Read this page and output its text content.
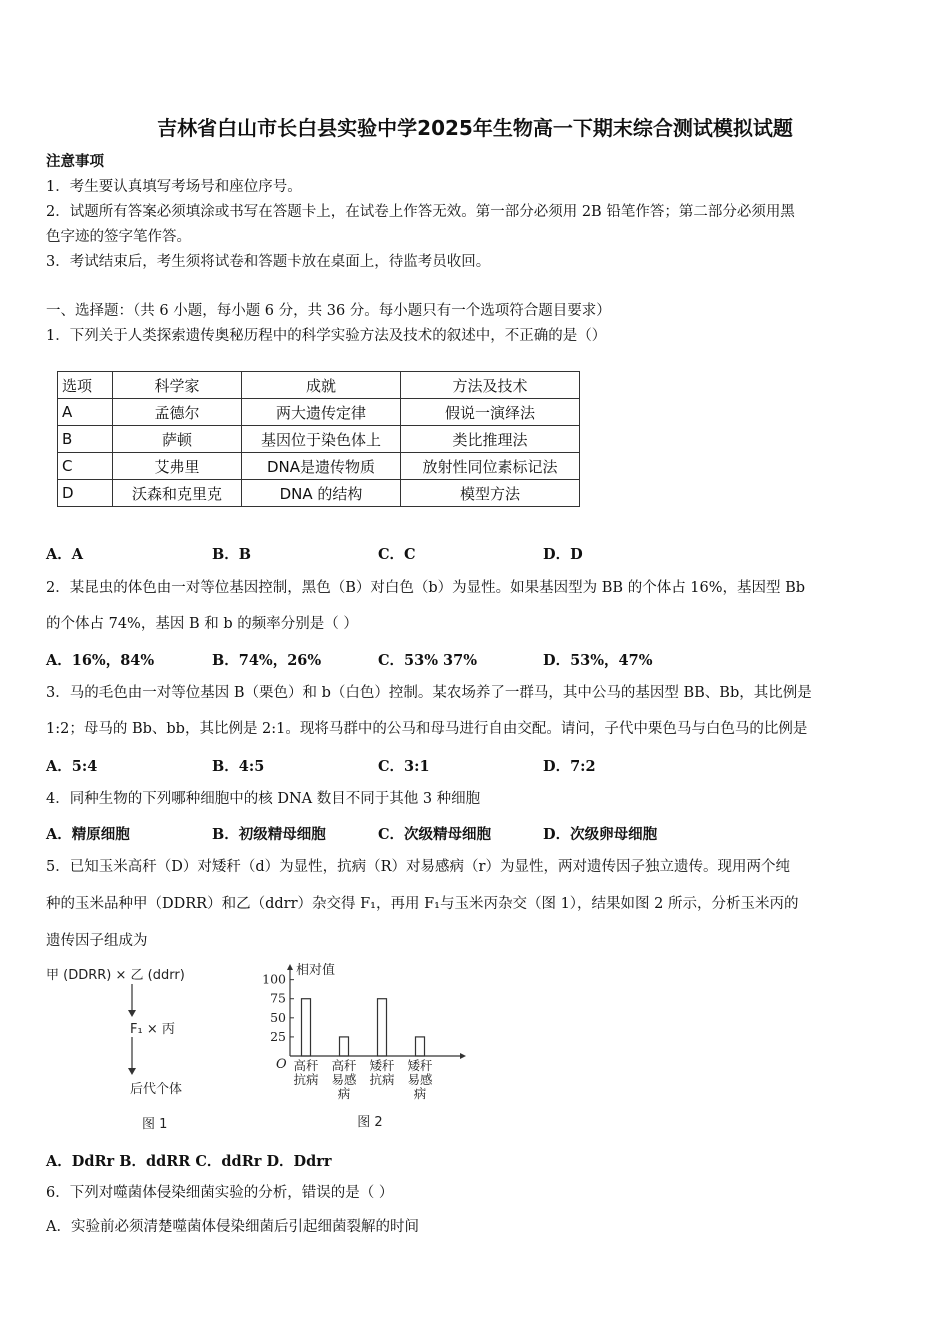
吉林省白山市长白县实验中学2025年生物高一下期末综合测试模拟试题
注意事项
1．考生要认真填写考场号和座位序号。
2．试题所有答案必须填涂或书写在答题卡上，在试卷上作答无效。第一部分必须用 2B 铅笔作答；第二部分必须用黑
色字迹的签字笔作答。
3．考试结束后，考生须将试卷和答题卡放在桌面上，待监考员收回。
一、选择题：（共 6 小题，每小题 6 分，共 36 分。每小题只有一个选项符合题目要求）
1．下列关于人类探索遗传奥秘历程中的科学实验方法及技术的叙述中，不正确的是（）
选项	科学家	成就	方法及技术
A	孟德尔	两大遗传定律	假说一演绎法
B	萨顿	基因位于染色体上	类比推理法
C	艾弗里	DNA是遗传物质	放射性同位素标记法
D	沃森和克里克	DNA 的结构	模型方法
A．A	B．B	C．C	D．D
2．某昆虫的体色由一对等位基因控制，黑色（B）对白色（b）为显性。如果基因型为 BB 的个体占 16%，基因型 Bb
的个体占 74%，基因 B 和 b 的频率分别是（ ）
A．16%，84%	B．74%，26%	C．53% 37%	D．53%，47%
3．马的毛色由一对等位基因 B（栗色）和 b（白色）控制。某农场养了一群马，其中公马的基因型 BB、Bb，其比例是
1:2；母马的 Bb、bb，其比例是 2:1。现将马群中的公马和母马进行自由交配。请问，子代中栗色马与白色马的比例是
A．5:4	B．4:5	C．3:1	D．7:2
4．同种生物的下列哪种细胞中的核 DNA 数目不同于其他 3 种细胞
A．精原细胞	B．初级精母细胞	C．次级精母细胞	D．次级卵母细胞
5．已知玉米高秆（D）对矮秆（d）为显性，抗病（R）对易感病（r）为显性，两对遗传因子独立遗传。现用两个纯
种的玉米品种甲（DDRR）和乙（ddrr）杂交得 F₁，再用 F₁与玉米丙杂交（图 1），结果如图 2 所示，分析玉米丙的
遗传因子组成为
甲 (DDRR) × 乙 (ddrr)
F₁ × 丙
后代个体
图 1
相对值
O
25
50
75
100
高秆
抗病
高秆
易感
病
矮秆
抗病
矮秆
易感
病
图 2
A．DdRr B．ddRR C．ddRr D．Ddrr
6．下列对噬菌体侵染细菌实验的分析，错误的是（ ）
A．实验前必须清楚噬菌体侵染细菌后引起细菌裂解的时间
